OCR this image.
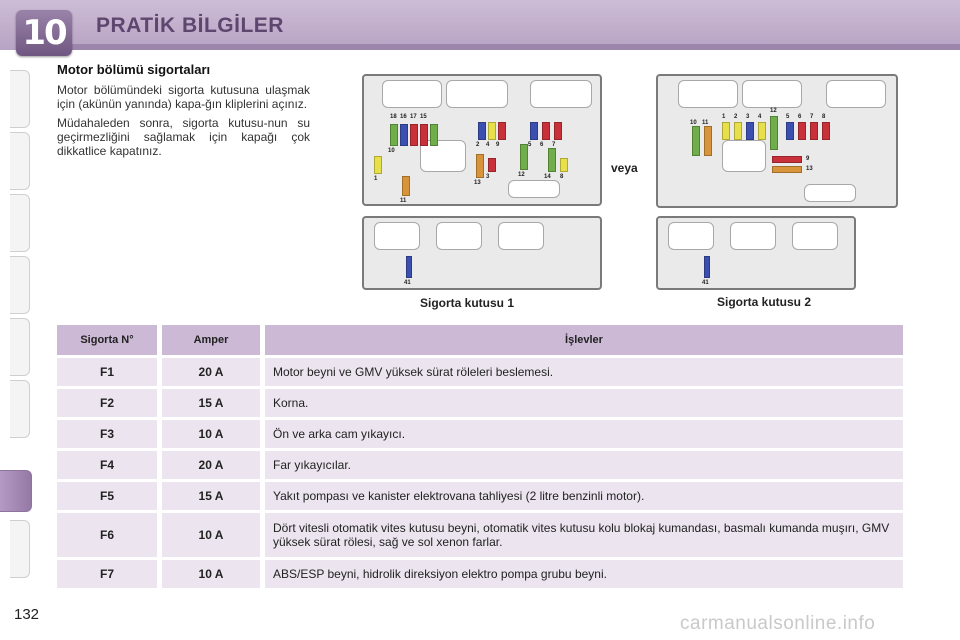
10	PRATİK BİLGİLER
Motor bölümü sigortaları

Motor bölümündeki sigorta kutusuna ulaşmak için (akünün yanında) kapa-ğın kliplerini açınız.

Müdahaleden sonra, sigorta kutusu-nun su geçirmezliğini sağlamak için kapağı çok dikkatlice kapatınız.

1
10
18 16 17 15
11
2 4 9
13
3	12
5 6 7
14 8
41
veya
10 11
1 2 3 4
12
5 6 7 8
9
13
41
Sigorta kutusu 1	Sigorta kutusu 2
Sigorta N°		Amper		İşlevler
F1		20 A		Motor beyni ve GMV yüksek sürat röleleri beslemesi.
F2		15 A		Korna.
F3		10 A		Ön ve arka cam yıkayıcı.
F4		20 A		Far yıkayıcılar.
F5		15 A		Yakıt pompası ve kanister elektrovana tahliyesi (2 litre benzinli motor).
F6		10 A		Dört vitesli otomatik vites kutusu beyni, otomatik vites kutusu kolu blokaj kumandası, basmalı kumanda muşırı, GMV yüksek sürat rölesi, sağ ve sol xenon farlar.
F7		10 A		ABS/ESP beyni, hidrolik direksiyon elektro pompa grubu beyni.
132	carmanualsonline.info
